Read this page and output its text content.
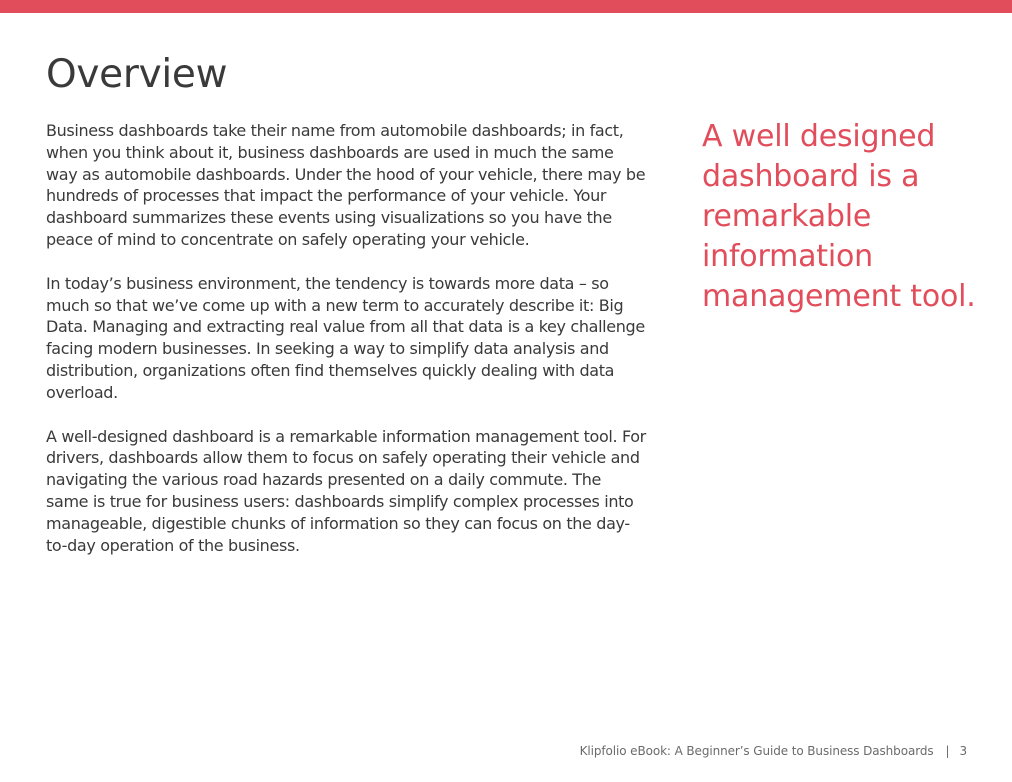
Overview

Business dashboards take their name from automobile dashboards; in fact, when you think about it, business dashboards are used in much the same way as automobile dashboards. Under the hood of your vehicle, there may be hundreds of processes that impact the performance of your vehicle. Your dashboard summarizes these events using visualizations so you have the peace of mind to concentrate on safely operating your vehicle.

In today’s business environment, the tendency is towards more data – so much so that we’ve come up with a new term to accurately describe it: Big Data. Managing and extracting real value from all that data is a key challenge facing modern businesses. In seeking a way to simplify data analysis and distribution, organizations often find themselves quickly dealing with data overload.

A well-designed dashboard is a remarkable information management tool. For drivers, dashboards allow them to focus on safely operating their vehicle and navigating the various road hazards presented on a daily commute. The same is true for business users: dashboards simplify complex processes into manageable, digestible chunks of information so they can focus on the day-to-day operation of the business.

A well designed dashboard is a remarkable information management tool.

Klipfolio eBook: A Beginner’s Guide to Business Dashboards | 3
